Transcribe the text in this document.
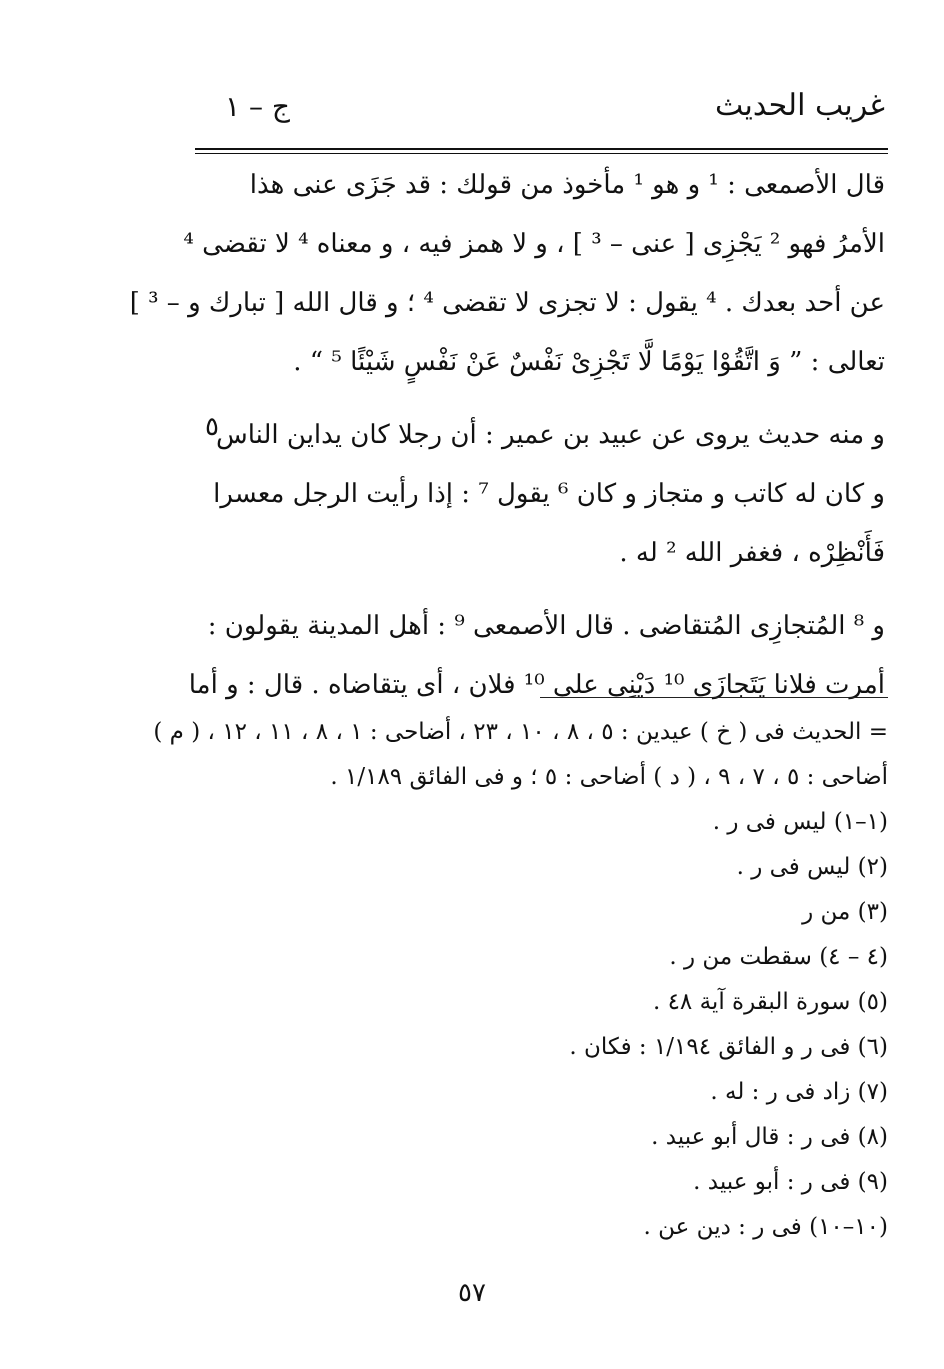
غريب الحديث
ج – ١
قال الأصمعى : ¹ و هو ¹ مأخوذ من قولك : قد جَزَى عنى هذا
الأمرُ فهو ² يَجْزِى [ عنى – ³ ] ، و لا همز فيه ، و معناه ⁴ لا تقضى ⁴
عن أحد بعدك . ⁴ يقول : لا تجزى لا تقضى ⁴ ؛ و قال الله [ تبارك و – ³ ]
تعالى : ” وَ اتَّقُوْا يَوْمًا لَّا تَجْزِىْ نَفْسٌ عَنْ نَفْسٍ شَيْئًا ⁵ “ .
و منه حديث يروى عن عبيد بن عمير : أن رجلا كان يداين الناس
و كان له كاتب و متجاز و كان ⁶ يقول ⁷ : إذا رأيت الرجل معسرا
فَأَنْظِرْه ، فغفر الله ² له .
و ⁸ المُتجازِى المُتقاضى . قال الأصمعى ⁹ : أهل المدينة يقولون :
أمرت فلانا يَتَجازَى ¹⁰ دَيْنِى على ¹⁰ فلان ، أى يتقاضاه . قال : و أما
٥
= الحديث فى ( خ ) عيدين : ٥ ، ٨ ، ١٠ ، ٢٣ ، أضاحى : ١ ، ٨ ، ١١ ، ١٢ ، ( م )
أضاحى : ٥ ، ٧ ، ٩ ، ( د ) أضاحى : ٥ ؛ و فى الفائق ١/١٨٩ .
(١–١) ليس فى ر .
(٢) ليس فى ر .
(٣) من ر
(٤ – ٤) سقطت من ر .
(٥) سورة البقرة آية ٤٨ .
(٦) فى ر و الفائق ١/١٩٤ : فكان .
(٧) زاد فى ر : له .
(٨) فى ر : قال أبو عبيد .
(٩) فى ر : أبو عبيد .
(١٠–١٠) فى ر : دين عن .
٥٧
